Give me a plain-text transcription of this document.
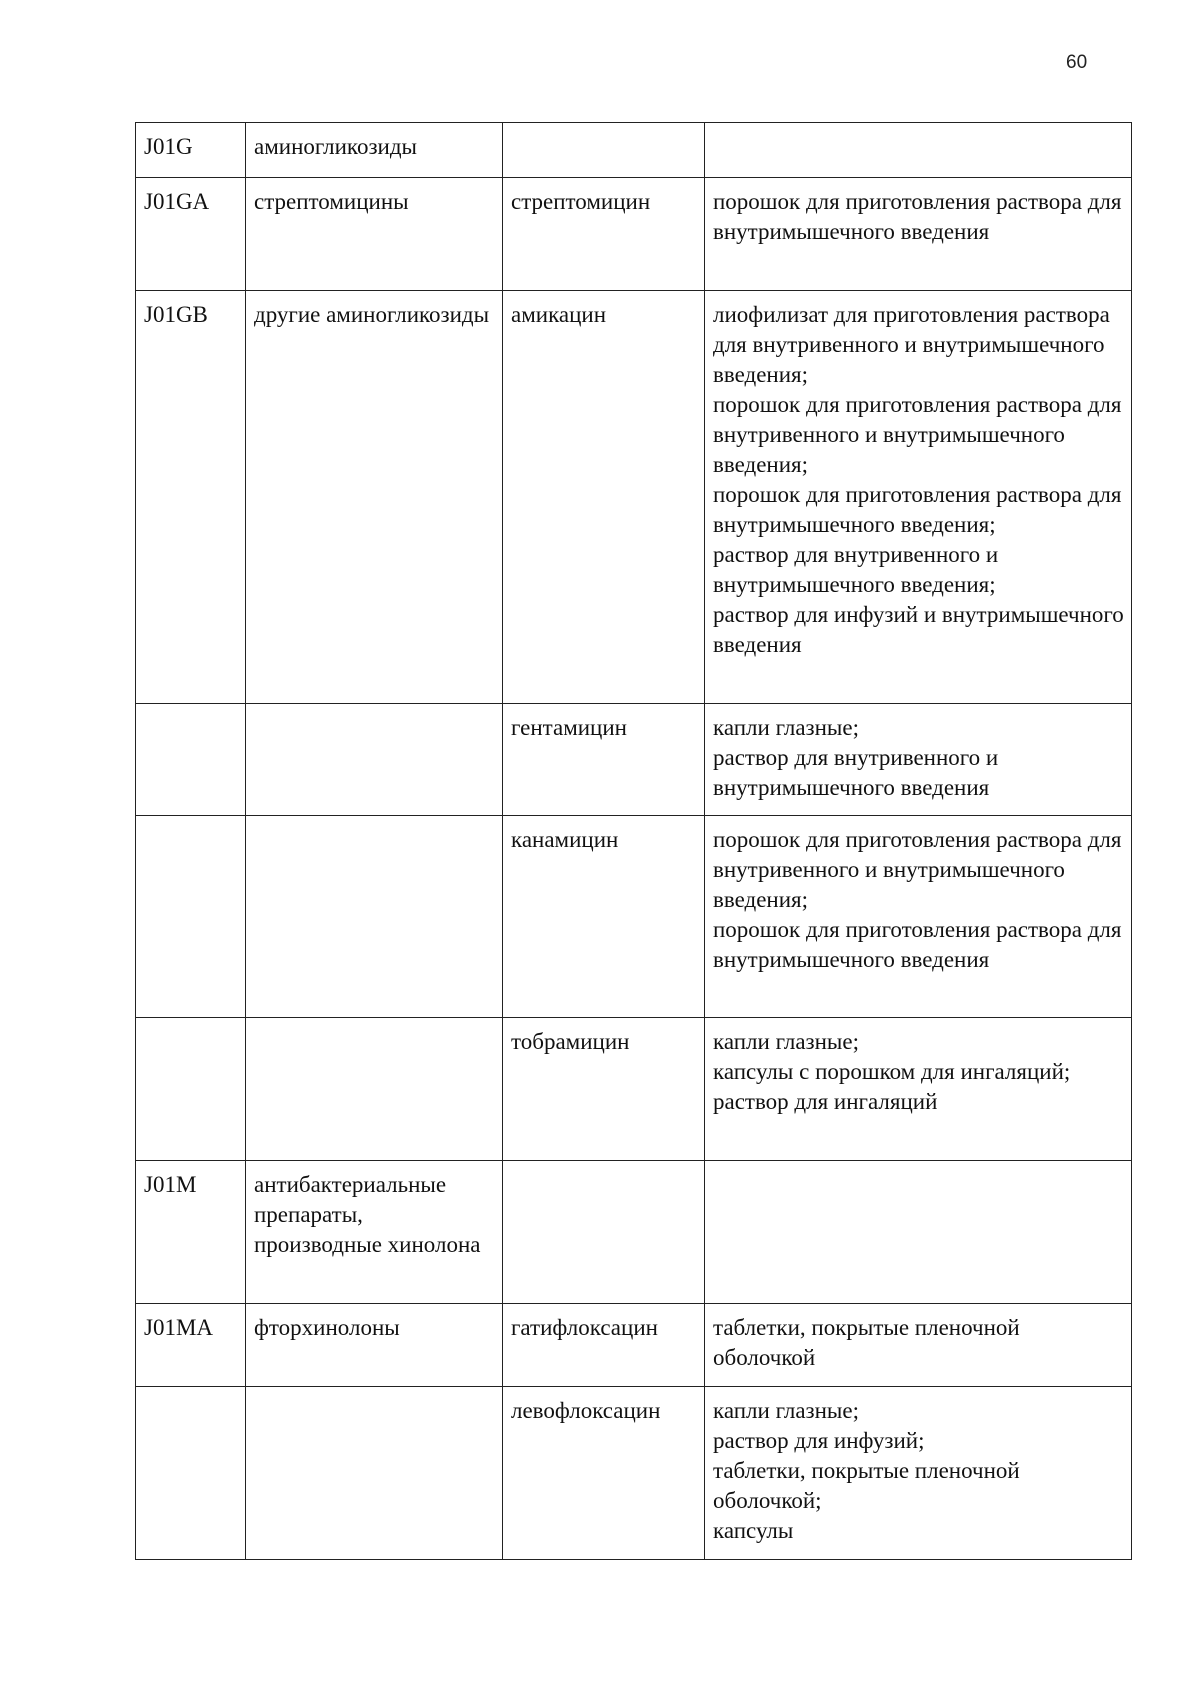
60
J01G	аминогликозиды		
J01GA	стрептомицины	стрептомицин	порошок для приготовления раствора для внутримышечного введения
J01GB	другие аминогликозиды	амикацин	лиофилизат для приготовления раствора для внутривенного и внутримышечного введения;
порошок для приготовления раствора для внутривенного и внутримышечного введения;
порошок для приготовления раствора для внутримышечного введения;
раствор для внутривенного и внутримышечного введения;
раствор для инфузий и внутримышечного введения
		гентамицин	капли глазные;
раствор для внутривенного и внутримышечного введения
		канамицин	порошок для приготовления раствора для внутривенного и внутримышечного введения;
порошок для приготовления раствора для внутримышечного введения
		тобрамицин	капли глазные;
капсулы с порошком для ингаляций;
раствор для ингаляций
J01M	антибактериальные препараты, производные хинолона		
J01MA	фторхинолоны	гатифлоксацин	таблетки, покрытые пленочной оболочкой
		левофлоксацин	капли глазные;
раствор для инфузий;
таблетки, покрытые пленочной оболочкой;
капсулы
